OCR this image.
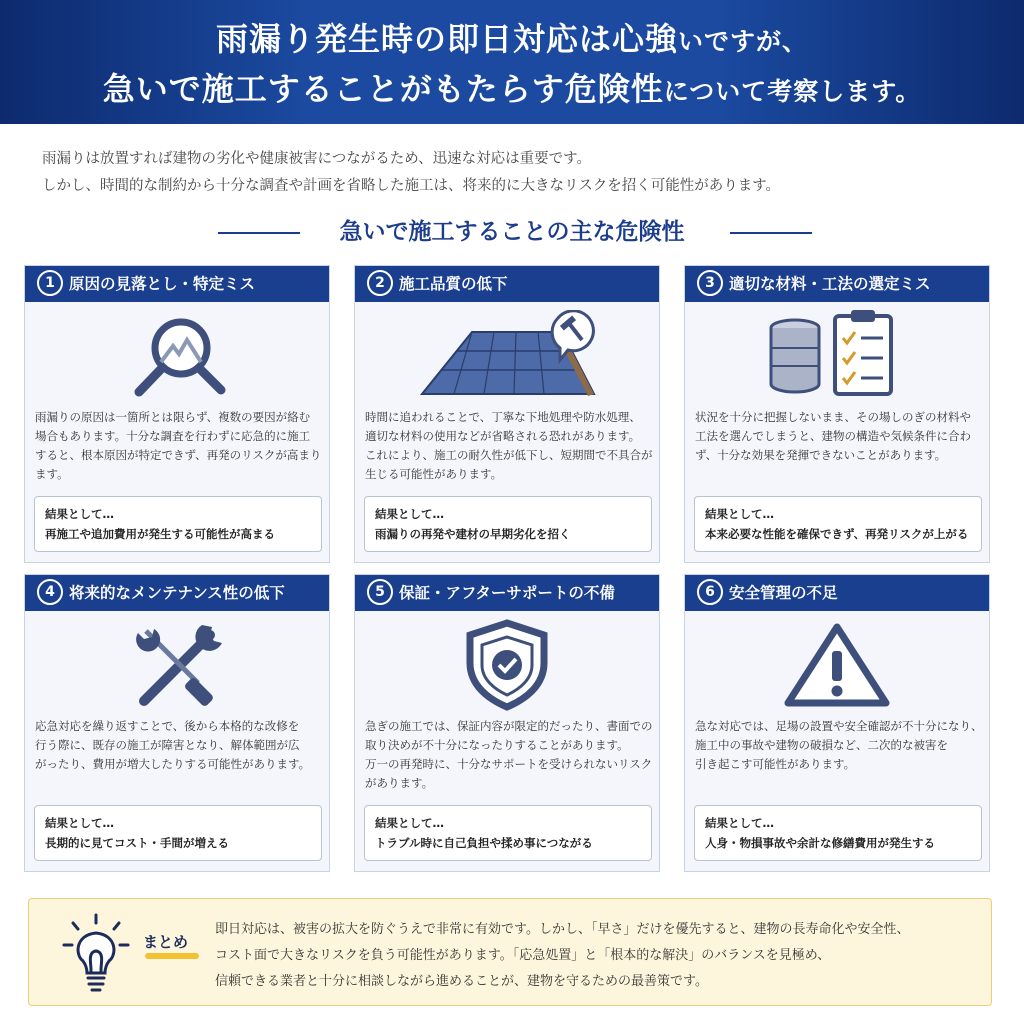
雨漏り発生時の即日対応は心強いですが、
急いで施工することがもたらす危険性について考察します。

雨漏りは放置すれば建物の劣化や健康被害につながるため、迅速な対応は重要です。

しかし、時間的な制約から十分な調査や計画を省略した施工は、将来的に大きなリスクを招く可能性があります。

急いで施工することの主な危険性
1 原因の見落とし・特定ミス

雨漏りの原因は一箇所とは限らず、複数の要因が絡む

場合もあります。十分な調査を行わずに応急的に施工

すると、根本原因が特定できず、再発のリスクが高まり

ます。

結果として…
再施工や追加費用が発生する可能性が高まる
2 施工品質の低下

時間に追われることで、丁寧な下地処理や防水処理、

適切な材料の使用などが省略される恐れがあります。

これにより、施工の耐久性が低下し、短期間で不具合が

生じる可能性があります。

結果として…
雨漏りの再発や建材の早期劣化を招く
3 適切な材料・工法の選定ミス

状況を十分に把握しないまま、その場しのぎの材料や

工法を選んでしまうと、建物の構造や気候条件に合わ

ず、十分な効果を発揮できないことがあります。

結果として…
本来必要な性能を確保できず、再発リスクが上がる
4 将来的なメンテナンス性の低下

応急対応を繰り返すことで、後から本格的な改修を

行う際に、既存の施工が障害となり、解体範囲が広

がったり、費用が増大したりする可能性があります。

結果として…
長期的に見てコスト・手間が増える
5 保証・アフターサポートの不備

急ぎの施工では、保証内容が限定的だったり、書面での

取り決めが不十分になったりすることがあります。

万一の再発時に、十分なサポートを受けられないリスク

があります。

結果として…
トラブル時に自己負担や揉め事につながる
6 安全管理の不足

急な対応では、足場の設置や安全確認が不十分になり、

施工中の事故や建物の破損など、二次的な被害を

引き起こす可能性があります。

結果として…
人身・物損事故や余計な修繕費用が発生する
まとめ

即日対応は、被害の拡大を防ぐうえで非常に有効です。しかし、「早さ」だけを優先すると、建物の長寿命化や安全性、

コスト面で大きなリスクを負う可能性があります。「応急処置」と「根本的な解決」のバランスを見極め、

信頼できる業者と十分に相談しながら進めることが、建物を守るための最善策です。
